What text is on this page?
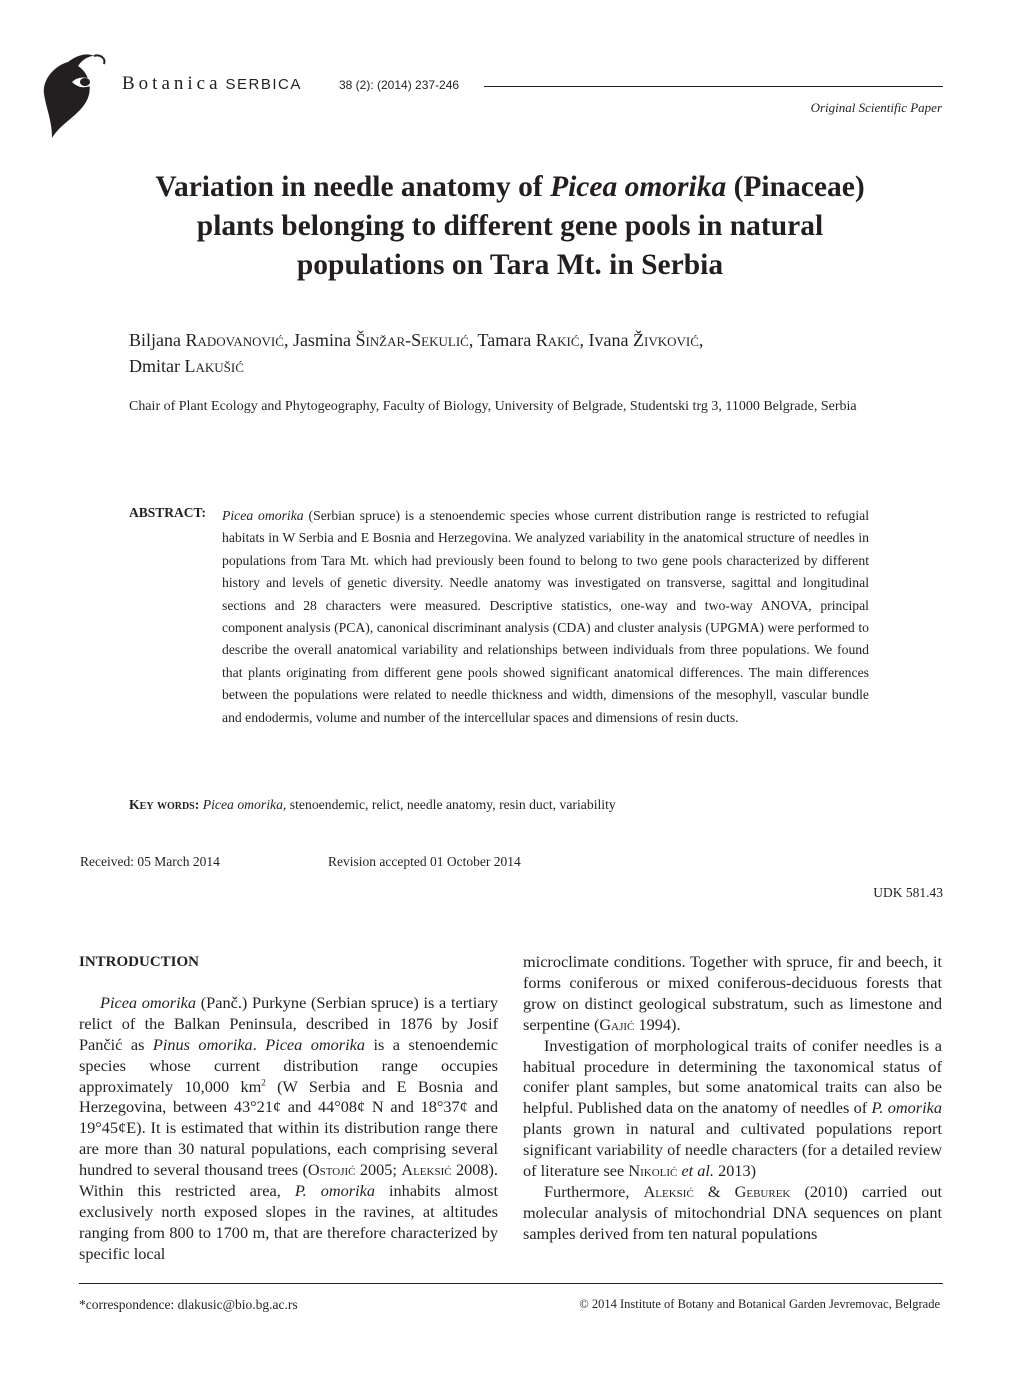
Botanica SERBICA	38 (2): (2014) 237-246
Original Scientific Paper
Variation in needle anatomy of Picea omorika (Pinaceae) plants belonging to different gene pools in natural populations on Tara Mt. in Serbia
Biljana Radovanović, Jasmina Šinžar-Sekulić, Tamara Rakić, Ivana Živković,
Dmitar Lakušić
Chair of Plant Ecology and Phytogeography, Faculty of Biology, University of Belgrade, Studentski trg 3, 11000 Belgrade, Serbia
ABSTRACT: Picea omorika (Serbian spruce) is a stenoendemic species whose current distribution range is restricted to refugial habitats in W Serbia and E Bosnia and Herzegovina. We analyzed variability in the anatomical structure of needles in populations from Tara Mt. which had previously been found to belong to two gene pools characterized by different history and levels of genetic diversity. Needle anatomy was investigated on transverse, sagittal and longitudinal sections and 28 characters were measured. Descriptive statistics, one-way and two-way ANOVA, principal component analysis (PCA), canonical discriminant analysis (CDA) and cluster analysis (UPGMA) were performed to describe the overall anatomical variability and relationships between individuals from three populations. We found that plants originating from different gene pools showed significant anatomical differences. The main differences between the populations were related to needle thickness and width, dimensions of the mesophyll, vascular bundle and endodermis, volume and number of the intercellular spaces and dimensions of resin ducts.
Key words: Picea omorika, stenoendemic, relict, needle anatomy, resin duct, variability
Received: 05 March 2014	Revision accepted 01 October 2014
UDK 581.43

INTRODUCTION

Picea omorika (Panč.) Purkyne (Serbian spruce) is a tertiary relict of the Balkan Peninsula, described in 1876 by Josif Pančić as Pinus omorika. Picea omorika is a stenoendemic species whose current distribution range occupies approximately 10,000 $km^2$ (W Serbia and E Bosnia and Herzegovina, between 43°21¢ and 44°08¢ N and 18°37¢ and 19°45¢E). It is estimated that within its distribution range there are more than 30 natural populations, each comprising several hundred to several thousand trees (Ostojić 2005; Aleksić 2008). Within this restricted area, P. omorika inhabits almost exclusively north exposed slopes in the ravines, at altitudes ranging from 800 to 1700 m, that are therefore characterized by specific local

microclimate conditions. Together with spruce, fir and beech, it forms coniferous or mixed coniferous-deciduous forests that grow on distinct geological substratum, such as limestone and serpentine (Gajić 1994).

Investigation of morphological traits of conifer needles is a habitual procedure in determining the taxonomical status of conifer plant samples, but some anatomical traits can also be helpful. Published data on the anatomy of needles of P. omorika plants grown in natural and cultivated populations report significant variability of needle characters (for a detailed review of literature see Nikolić et al. 2013)

Furthermore, Aleksić & Geburek (2010) carried out molecular analysis of mitochondrial DNA sequences on plant samples derived from ten natural populations

*correspondence: dlakusic@bio.bg.ac.rs	© 2014 Institute of Botany and Botanical Garden Jevremovac, Belgrade
